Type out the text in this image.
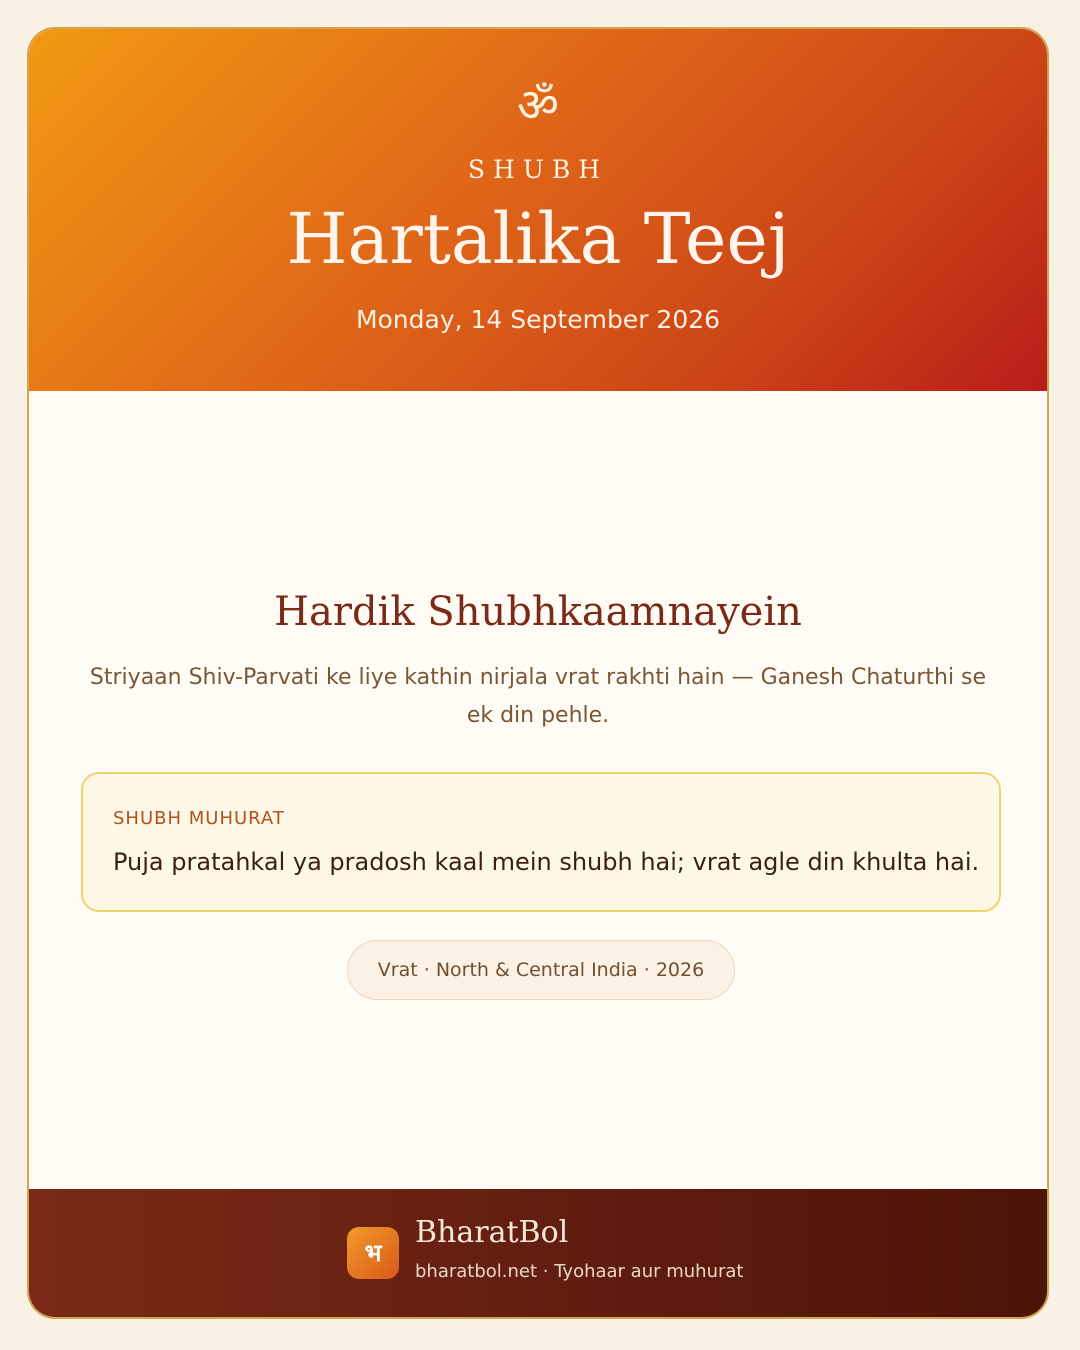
ॐ
SHUBH
Hartalika Teej
Monday, 14 September 2026
Hardik Shubhkaamnayein
Striyaan Shiv-Parvati ke liye kathin nirjala vrat rakhti hain — Ganesh Chaturthi se ek din pehle.
SHUBH MUHURAT
Puja pratahkal ya pradosh kaal mein shubh hai; vrat agle din khulta hai.
Vrat · North & Central India · 2026
भ
BharatBol
bharatbol.net · Tyohaar aur muhurat
